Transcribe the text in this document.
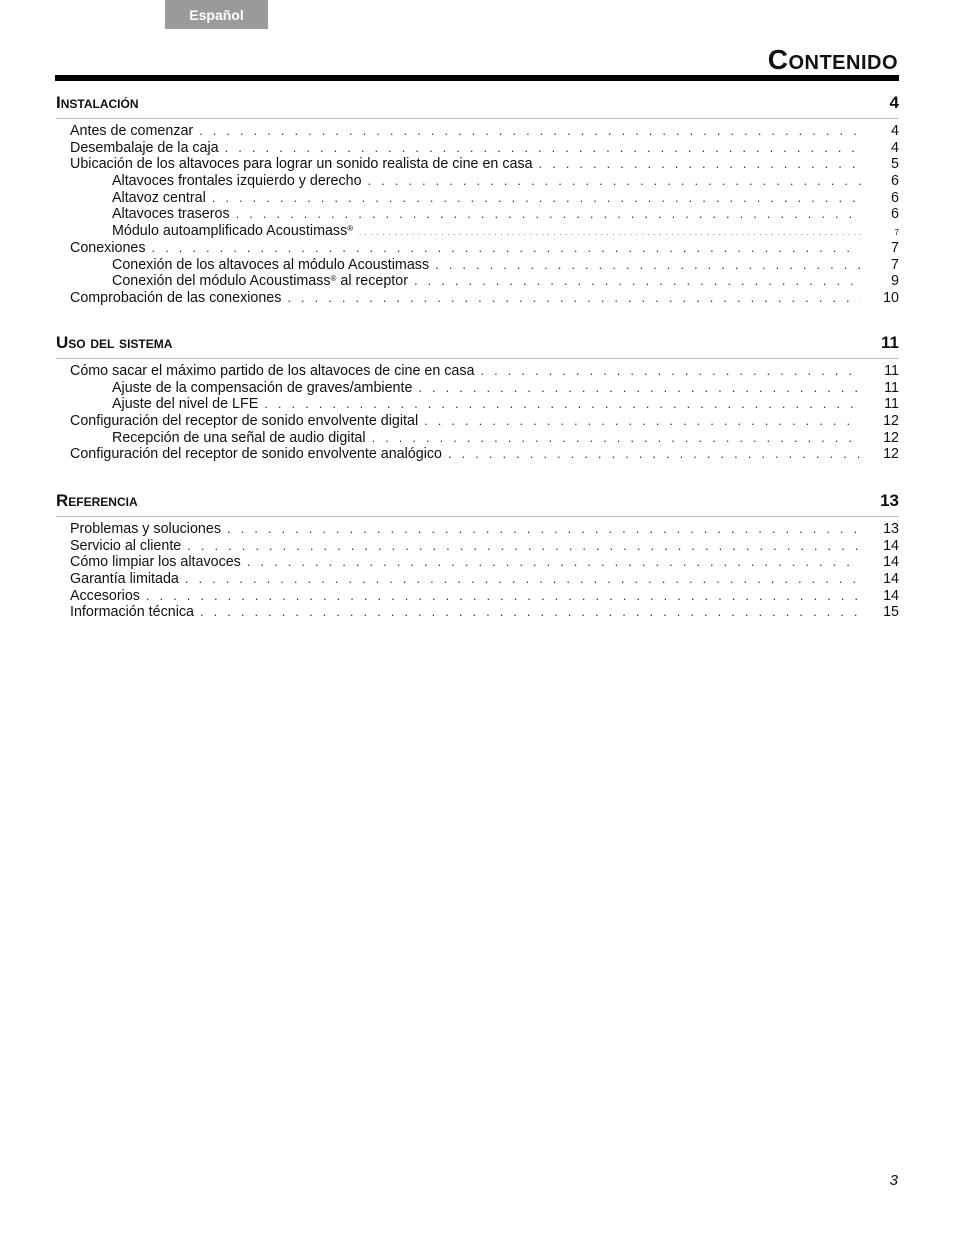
Español
Contenido
Instalación	4
Antes de comenzar . . .	4
Desembalaje de la caja . . .	4
Ubicación de los altavoces para lograr un sonido realista de cine en casa . . .	5
Altavoces frontales izquierdo y derecho . . .	6
Altavoz central . . .	6
Altavoces traseros . . .	6
Módulo autoamplificado Acoustimass® . . .	7
Conexiones . . .	7
Conexión de los altavoces al módulo Acoustimass . . .	7
Conexión del módulo Acoustimass® al receptor . . .	9
Comprobación de las conexiones . . .	10
Uso del sistema	11
Cómo sacar el máximo partido de los altavoces de cine en casa . . .	11
Ajuste de la compensación de graves/ambiente . . .	11
Ajuste del nivel de LFE . . .	11
Configuración del receptor de sonido envolvente digital . . .	12
Recepción de una señal de audio digital . . .	12
Configuración del receptor de sonido envolvente analógico . . .	12
Referencia	13
Problemas y soluciones . . .	13
Servicio al cliente . . .	14
Cómo limpiar los altavoces . . .	14
Garantía limitada . . .	14
Accesorios . . .	14
Información técnica . . .	15
3
